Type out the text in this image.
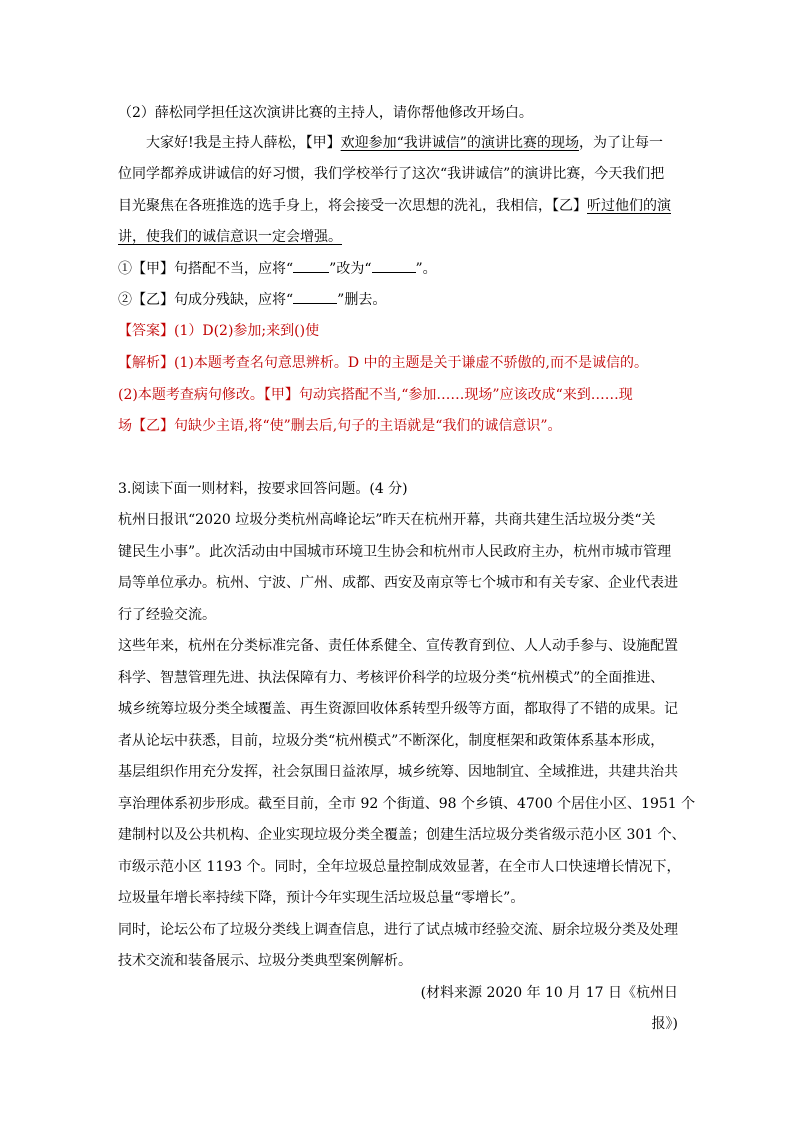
（2）薛松同学担任这次演讲比赛的主持人，请你帮他修改开场白。
大家好!我是主持人薛松，【甲】欢迎参加“我讲诚信”的演讲比赛的现场，为了让每一
位同学都养成讲诚信的好习惯，我们学校举行了这次“我讲诚信”的演讲比赛，今天我们把
目光聚焦在各班推选的选手身上，将会接受一次思想的洗礼，我相信，【乙】听过他们的演
讲，使我们的诚信意识一定会增强。
①【甲】句搭配不当，应将“	”改为“	”。
②【乙】句成分残缺，应将“	”删去。
【答案】(1）D(2)参加;来到()使
【解析】(1)本题考查名句意思辨析。D 中的主题是关于谦虚不骄傲的,而不是诚信的。
(2)本题考查病句修改。【甲】句动宾搭配不当,“参加……现场”应该改成“来到……现
场【乙】句缺少主语,将“使”删去后,句子的主语就是“我们的诚信意识”。
3.阅读下面一则材料，按要求回答问题。(4 分)
杭州日报讯“2020 垃圾分类杭州高峰论坛”昨天在杭州开幕，共商共建生活垃圾分类“关
键民生小事”。此次活动由中国城市环境卫生协会和杭州市人民政府主办，杭州市城市管理
局等单位承办。杭州、宁波、广州、成都、西安及南京等七个城市和有关专家、企业代表进
行了经验交流。
这些年来，杭州在分类标准完备、责任体系健全、宣传教育到位、人人动手参与、设施配置
科学、智慧管理先进、执法保障有力、考核评价科学的垃圾分类“杭州模式”的全面推进、
城乡统筹垃圾分类全域覆盖、再生资源回收体系转型升级等方面，都取得了不错的成果。记
者从论坛中获悉，目前，垃圾分类“杭州模式”不断深化，制度框架和政策体系基本形成，
基层组织作用充分发挥，社会氛围日益浓厚，城乡统筹、因地制宜、全域推进，共建共治共
享治理体系初步形成。截至目前，全市 92 个街道、98 个乡镇、4700 个居住小区、1951 个
建制村以及公共机构、企业实现垃圾分类全覆盖；创建生活垃圾分类省级示范小区 301 个、
市级示范小区 1193 个。同时，全年垃圾总量控制成效显著，在全市人口快速增长情况下，
垃圾量年增长率持续下降，预计今年实现生活垃圾总量“零增长”。
同时，论坛公布了垃圾分类线上调查信息，进行了试点城市经验交流、厨余垃圾分类及处理
技术交流和装备展示、垃圾分类典型案例解析。
(材料来源 2020 年 10 月 17 日《杭州日
报》)
